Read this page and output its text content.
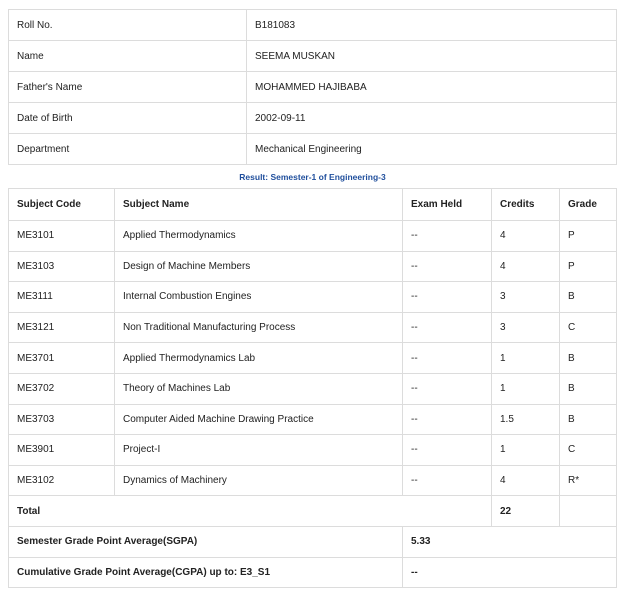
Roll No.	B181083
Name	SEEMA MUSKAN
Father's Name	MOHAMMED HAJIBABA
Date of Birth	2002-09-11
Department	Mechanical Engineering
Result: Semester-1 of Engineering-3
Subject Code	Subject Name	Exam Held	Credits	Grade
ME3101	Applied Thermodynamics	--	4	P
ME3103	Design of Machine Members	--	4	P
ME3111	Internal Combustion Engines	--	3	B
ME3121	Non Traditional Manufacturing Process	--	3	C
ME3701	Applied Thermodynamics Lab	--	1	B
ME3702	Theory of Machines Lab	--	1	B
ME3703	Computer Aided Machine Drawing Practice	--	1.5	B
ME3901	Project-I	--	1	C
ME3102	Dynamics of Machinery	--	4	R*
Total			22	
Semester Grade Point Average(SGPA)		5.33		
Cumulative Grade Point Average(CGPA) up to: E3_S1		--		
